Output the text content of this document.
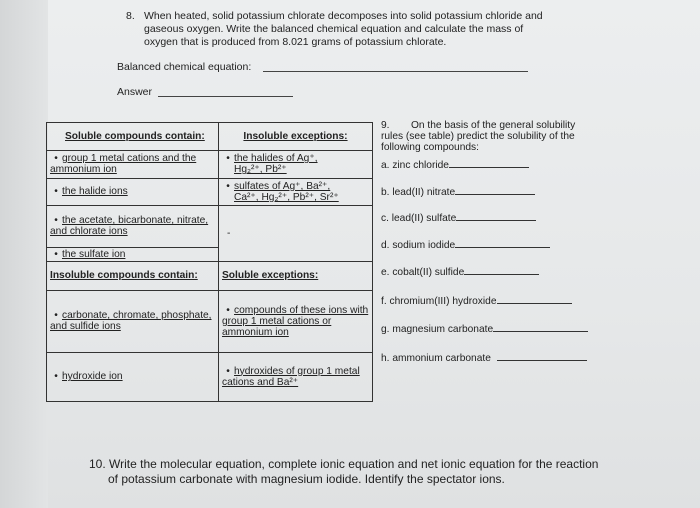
8. When heated, solid potassium chlorate decomposes into solid potassium chloride and
gaseous oxygen. Write the balanced chemical equation and calculate the mass of
oxygen that is produced from 8.021 grams of potassium chlorate.
Balanced chemical equation:
Answer
Soluble compounds contain:	Insoluble exceptions:
• group 1 metal cations and the ammonium ion	• the halides of Ag⁺,
Hg₂²⁺, Pb²⁺
• the halide ions	• sulfates of Ag⁺, Ba²⁺,
Ca²⁺, Hg₂²⁺, Pb²⁺, Sr²⁺
• the acetate, bicarbonate, nitrate, and chlorate ions	-
• the sulfate ion	
Insoluble compounds contain:	Soluble exceptions:
• carbonate, chromate, phosphate, and sulfide ions	• compounds of these ions with group 1 metal cations or ammonium ion
• hydroxide ion	• hydroxides of group 1 metal cations and Ba²⁺
9.	On the basis of the general solubility
rules (see table) predict the solubility of the
following compounds:
a. zinc chloride
b. lead(II) nitrate
c. lead(II) sulfate
d. sodium iodide
e. cobalt(II) sulfide
f. chromium(III) hydroxide
g. magnesium carbonate
h. ammonium carbonate
10. Write the molecular equation, complete ionic equation and net ionic equation for the reaction
of potassium carbonate with magnesium iodide. Identify the spectator ions.
